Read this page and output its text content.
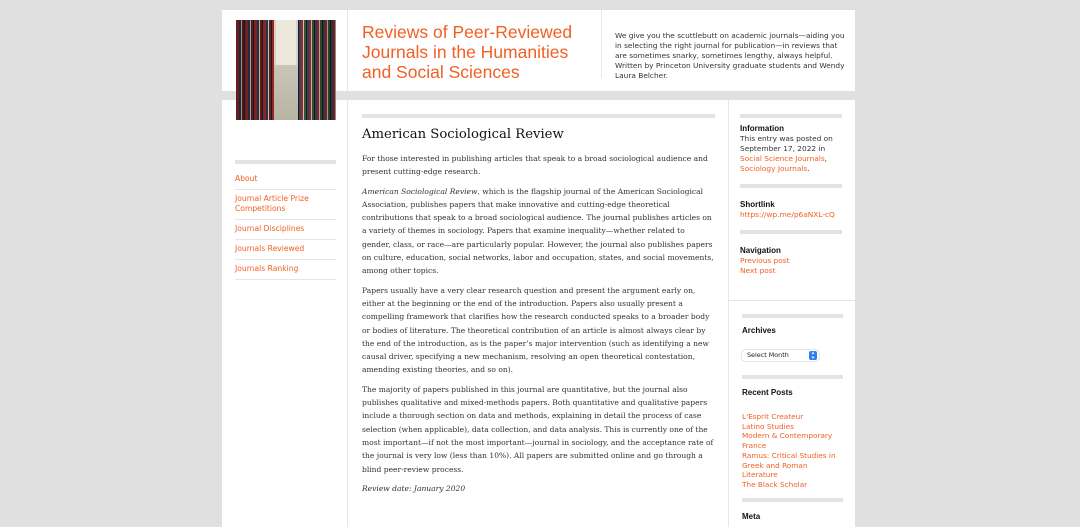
Reviews of Peer-Reviewed Journals in the Humanities and Social Sciences
We give you the scuttlebutt on academic journals—aiding you in selecting the right journal for publication—in reviews that are sometimes snarky, sometimes lengthy, always helpful. Written by Princeton University graduate students and Wendy Laura Belcher.
About
Journal Article Prize Competitions
Journal Disciplines
Journals Reviewed
Journals Ranking
American Sociological Review

For those interested in publishing articles that speak to a broad sociological audience and present cutting-edge research.

American Sociological Review, which is the flagship journal of the American Sociological Association, publishes papers that make innovative and cutting-edge theoretical contributions that speak to a broad sociological audience. The journal publishes articles on a variety of themes in sociology. Papers that examine inequality—whether related to gender, class, or race—are particularly popular. However, the journal also publishes papers on culture, education, social networks, labor and occupation, states, and social movements, among other topics.

Papers usually have a very clear research question and present the argument early on, either at the beginning or the end of the introduction. Papers also usually present a compelling framework that clarifies how the research conducted speaks to a broader body or bodies of literature. The theoretical contribution of an article is almost always clear by the end of the introduction, as is the paper’s major intervention (such as identifying a new causal driver, specifying a new mechanism, resolving an open theoretical contestation, amending existing theories, and so on).

The majority of papers published in this journal are quantitative, but the journal also publishes qualitative and mixed-methods papers. Both quantitative and qualitative papers include a thorough section on data and methods, explaining in detail the process of case selection (when applicable), data collection, and data analysis. This is currently one of the most important—if not the most important—journal in sociology, and the acceptance rate of the journal is very low (less than 10%). All papers are submitted online and go through a blind peer-review process.

Review date: January 2020

Information
This entry was posted on September 17, 2022 in Social Science Journals, Sociology Journals.
Shortlink
https://wp.me/p6aNXL-cQ
Navigation
Previous post
Next post
Archives
Select Month	▴
▾
Recent Posts
L'Esprit Createur
Latino Studies
Modern & Contemporary France
Ramus: Critical Studies in Greek and Roman Literature
The Black Scholar
Meta
